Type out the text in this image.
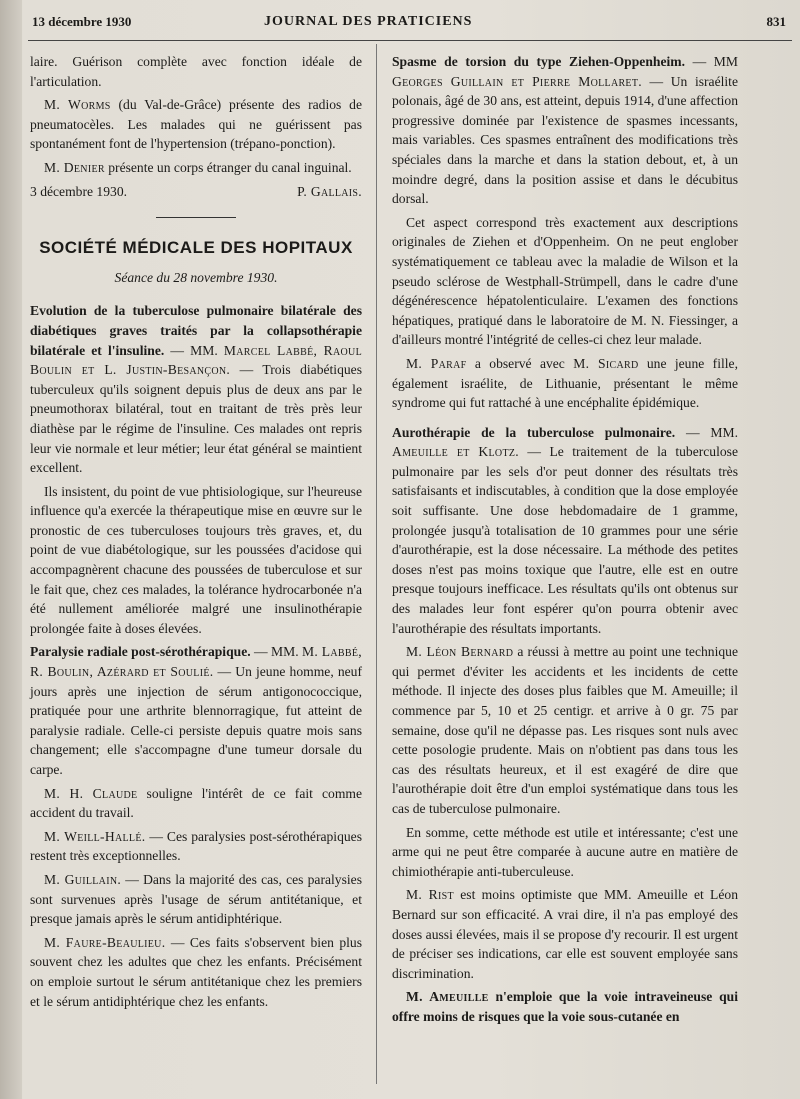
13 décembre 1930	JOURNAL DES PRATICIENS	831

laire. Guérison complète avec fonction idéale de l'articulation.

M. Worms (du Val-de-Grâce) présente des radios de pneumatocèles. Les malades qui ne guérissent pas spontanément font de l'hypertension (trépano-ponction).

M. Denier présente un corps étranger du canal inguinal.

3 décembre 1930.	P. Gallais.
SOCIÉTÉ MÉDICALE DES HOPITAUX
Séance du 28 novembre 1930.

Evolution de la tuberculose pulmonaire bilatérale des diabétiques graves traités par la collapsothérapie bilatérale et l'insuline. — MM. Marcel Labbé, Raoul Boulin et L. Justin-Besançon. — Trois diabétiques tuberculeux qu'ils soignent depuis plus de deux ans par le pneumothorax bilatéral, tout en traitant de très près leur diathèse par le régime de l'insuline. Ces malades ont repris leur vie normale et leur métier; leur état général se maintient excellent.

Ils insistent, du point de vue phtisiologique, sur l'heureuse influence qu'a exercée la thérapeutique mise en œuvre sur le pronostic de ces tuberculoses toujours très graves, et, du point de vue diabétologique, sur les poussées d'acidose qui accompagnèrent chacune des poussées de tuberculose et sur le fait que, chez ces malades, la tolérance hydrocarbonée n'a été nullement améliorée malgré une insulinothérapie prolongée faite à doses élevées.

Paralysie radiale post-sérothérapique. — MM. M. Labbé, R. Boulin, Azérard et Soulié. — Un jeune homme, neuf jours après une injection de sérum antigonococcique, pratiquée pour une arthrite blennorragique, fut atteint de paralysie radiale. Celle-ci persiste depuis quatre mois sans changement; elle s'accompagne d'une tumeur dorsale du carpe.

M. H. Claude souligne l'intérêt de ce fait comme accident du travail.

M. Weill-Hallé. — Ces paralysies post-sérothérapiques restent très exceptionnelles.

M. Guillain. — Dans la majorité des cas, ces paralysies sont survenues après l'usage de sérum antitétanique, et presque jamais après le sérum antidiphtérique.

M. Faure-Beaulieu. — Ces faits s'observent bien plus souvent chez les adultes que chez les enfants. Précisément on emploie surtout le sérum antitétanique chez les premiers et le sérum antidiphtérique chez les enfants.

Spasme de torsion du type Ziehen-Oppenheim. — MM Georges Guillain et Pierre Mollaret. — Un israélite polonais, âgé de 30 ans, est atteint, depuis 1914, d'une affection progressive dominée par l'existence de spasmes incessants, mais variables. Ces spasmes entraînent des modifications très spéciales dans la marche et dans la station debout, et, à un moindre degré, dans la position assise et dans le décubitus dorsal.

Cet aspect correspond très exactement aux descriptions originales de Ziehen et d'Oppenheim. On ne peut englober systématiquement ce tableau avec la maladie de Wilson et la pseudo sclérose de Westphall-Strümpell, dans le cadre d'une dégénérescence hépatolenticulaire. L'examen des fonctions hépatiques, pratiqué dans le laboratoire de M. N. Fiessinger, a d'ailleurs montré l'intégrité de celles-ci chez leur malade.

M. Paraf a observé avec M. Sicard une jeune fille, également israélite, de Lithuanie, présentant le même syndrome qui fut rattaché à une encéphalite épidémique.

Aurothérapie de la tuberculose pulmonaire. — MM. Ameuille et Klotz. — Le traitement de la tuberculose pulmonaire par les sels d'or peut donner des résultats très satisfaisants et indiscutables, à condition que la dose employée soit suffisante. Une dose hebdomadaire de 1 gramme, prolongée jusqu'à totalisation de 10 grammes pour une série d'aurothérapie, est la dose nécessaire. La méthode des petites doses n'est pas moins toxique que l'autre, elle est en outre presque toujours inefficace. Les résultats qu'ils ont obtenus sur des malades leur font espérer qu'on pourra obtenir avec l'aurothérapie des résultats importants.

M. Léon Bernard a réussi à mettre au point une technique qui permet d'éviter les accidents et les incidents de cette méthode. Il injecte des doses plus faibles que M. Ameuille; il commence par 5, 10 et 25 centigr. et arrive à 0 gr. 75 par semaine, dose qu'il ne dépasse pas. Les risques sont nuls avec cette posologie prudente. Mais on n'obtient pas dans tous les cas des résultats heureux, et il est exagéré de dire que l'aurothérapie doit être d'un emploi systématique dans tous les cas de tuberculose pulmonaire.

En somme, cette méthode est utile et intéressante; c'est une arme qui ne peut être comparée à aucune autre en matière de chimiothérapie anti-tuberculeuse.

M. Rist est moins optimiste que MM. Ameuille et Léon Bernard sur son efficacité. A vrai dire, il n'a pas employé des doses aussi élevées, mais il se propose d'y recourir. Il est urgent de préciser ses indications, car elle est souvent employée sans discrimination.

M. Ameuille n'emploie que la voie intraveineuse qui offre moins de risques que la voie sous-cutanée en
